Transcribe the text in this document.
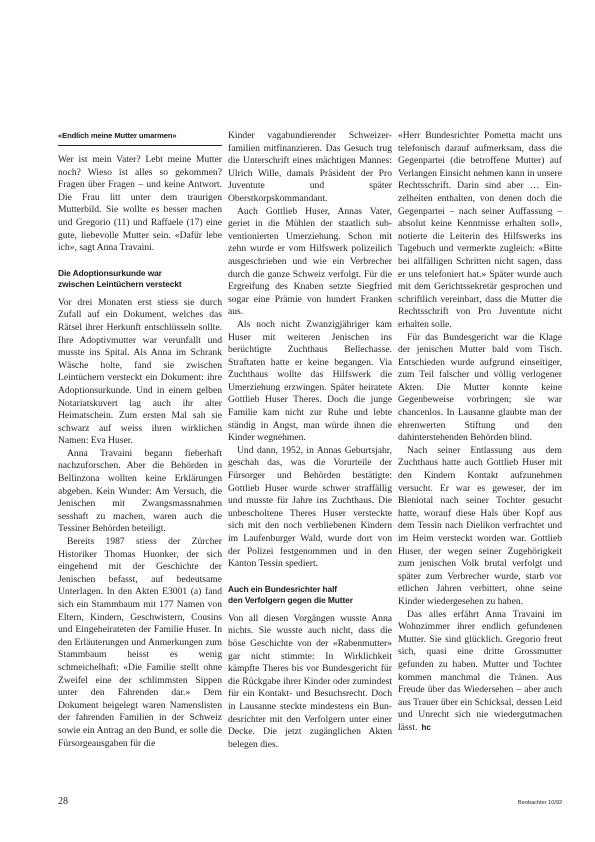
«Endlich meine Mutter umarmen»

Wer ist mein Vater? Lebt meine Mutter noch? Wieso ist alles so gekommen? Fragen über Fragen – und keine Antwort. Die Frau litt unter dem traurigen Mutterbild. Sie wollte es besser machen und Gregorio (11) und Raffaele (17) eine gute, liebevolle Mutter sein. «Dafür lebe ich», sagt Anna Travaini.

Die Adoptionsurkunde war
zwischen Leintüchern versteckt

Vor drei Monaten erst stiess sie durch Zufall auf ein Dokument, welches das Rätsel ihrer Herkunft entschlüsseln sollte. Ihre Adoptivmutter war verunfallt und musste ins Spital. Als Anna im Schrank Wäsche holte, fand sie zwischen Leintüchern versteckt ein Dokument: ihre Adoptionsurkunde. Und in einem gelben Notariatskuvert lag auch ihr alter Heimatschein. Zum ersten Mal sah sie schwarz auf weiss ihren wirklichen Namen: Eva Huser.

Anna Travaini begann fieberhaft nachzuforschen. Aber die Behörden in Bellinzona wollten keine Erklärungen abgeben. Kein Wunder: Am Versuch, die Jenischen mit Zwangsmassnahmen sesshaft zu machen, waren auch die Tessiner Behörden beteiligt.

Bereits 1987 stiess der Zürcher Historiker Thomas Huonker, der sich eingehend mit der Geschichte der Jenischen befasst, auf bedeutsame Unterlagen. In den Akten E3001 (a) fand sich ein Stammbaum mit 177 Namen von Eltern, Kindern, Geschwistern, Cousins und Eingeheirateten der Familie Huser. In den Erläuterungen und Anmerkungen zum Stammbaum heisst es wenig schmeichelhaft: «Die Familie stellt ohne Zweifel eine der schlimmsten Sippen unter den Fahrenden dar.» Dem Dokument beigelegt waren Namenslisten der fahrenden Familien in der Schweiz sowie ein Antrag an den Bund, er solle die Fürsorgeausgaben für die

Kinder vagabundierender Schweizerfamilien mitfinanzieren. Das Gesuch trug die Unterschrift eines mächtigen Mannes: Ulrich Wille, damals Präsident der Pro Juventute und später Oberstkorpskommandant.

Auch Gottlieb Huser, Annas Vater, geriet in die Mühlen der staatlich subventionierten Umerziehung. Schon mit zehn wurde er vom Hilfswerk polizeilich ausgeschrieben und wie ein Verbrecher durch die ganze Schweiz verfolgt. Für die Ergreifung des Knaben setzte Siegfried sogar eine Prämie von hundert Franken aus.

Als noch nicht Zwanzigjähriger kam Huser mit weiteren Jenischen ins berüchtigte Zuchthaus Bellechasse. Straftaten hatte er keine begangen. Via Zuchthaus wollte das Hilfswerk die Umerziehung erzwingen. Später heiratete Gottlieb Huser Theres. Doch die junge Familie kam nicht zur Ruhe und lebte ständig in Angst, man würde ihnen die Kinder wegnehmen.

Und dann, 1952, in Annas Geburtsjahr, geschah das, was die Vorurteile der Fürsorger und Behörden bestätigte: Gottlieb Huser wurde schwer straffällig und musste für Jahre ins Zuchthaus. Die unbescholtene Theres Huser versteckte sich mit den noch verbliebenen Kindern im Laufenburger Wald, wurde dort von der Polizei festgenommen und in den Kanton Tessin spediert.

Auch ein Bundesrichter half
den Verfolgern gegen die Mutter

Von all diesen Vorgängen wusste Anna nichts. Sie wusste auch nicht, dass die böse Geschichte von der «Rabenmutter» gar nicht stimmte: In Wirklichkeit kämpfte Theres bis vor Bundesgericht für die Rückgabe ihrer Kinder oder zumindest für ein Kontakt- und Besuchsrecht. Doch in Lausanne steckte mindestens ein Bundesrichter mit den Verfolgern unter einer Decke. Die jetzt zugänglichen Akten belegen dies.

«Herr Bundesrichter Pometta macht uns telefonisch darauf aufmerksam, dass die Gegenpartei (die betroffene Mutter) auf Verlangen Einsicht nehmen kann in unsere Rechtsschrift. Darin sind aber … Einzelheiten enthalten, von denen doch die Gegenpartei – nach seiner Auffassung – absolut keine Kenntnisse erhalten soll», notierte die Leiterin des Hilfswerks ins Tagebuch und vermerkte zugleich: «Bitte bei allfälligen Schritten nicht sagen, dass er uns telefoniert hat.» Später wurde auch mit dem Gerichtssekretär gesprochen und schriftlich vereinbart, dass die Mutter die Rechtsschrift von Pro Juventute nicht erhalten solle.

Für das Bundesgericht war die Klage der jenischen Mutter bald vom Tisch. Entschieden wurde aufgrund einseitiger, zum Teil falscher und völlig verlogener Akten. Die Mutter konnte keine Gegenbeweise vorbringen; sie war chancenlos. In Lausanne glaubte man der ehrenwerten Stiftung und den dahinterstehenden Behörden blind.

Nach seiner Entlassung aus dem Zuchthaus hatte auch Gottlieb Huser mit den Kindern Kontakt aufzunehmen versucht. Er war es geweser, der im Bleniotal nach seiner Tochter gesucht hatte, worauf diese Hals über Kopf aus dem Tessin nach Dielikon verfrachtet und im Heim versteckt worden war. Gottlieb Huser, der wegen seiner Zugehörigkeit zum jenischen Volk brutal verfolgt und später zum Verbrecher wurde, starb vor etlichen Jahren verbittert, ohne seine Kinder wiedergesehen zu haben.

Das alles erfährt Anna Travaini im Wohnzimmer ihrer endlich gefundenen Mutter. Sie sind glücklich. Gregorio freut sich, quasi eine dritte Grossmutter gefunden zu haben. Mutter und Tochter kommen manchmal die Tränen. Aus Freude über das Wiedersehen – aber auch aus Trauer über ein Schicksal, dessen Leid und Unrecht sich nie wiedergutmachen lässt. hc

28	Beobachter 10/92
